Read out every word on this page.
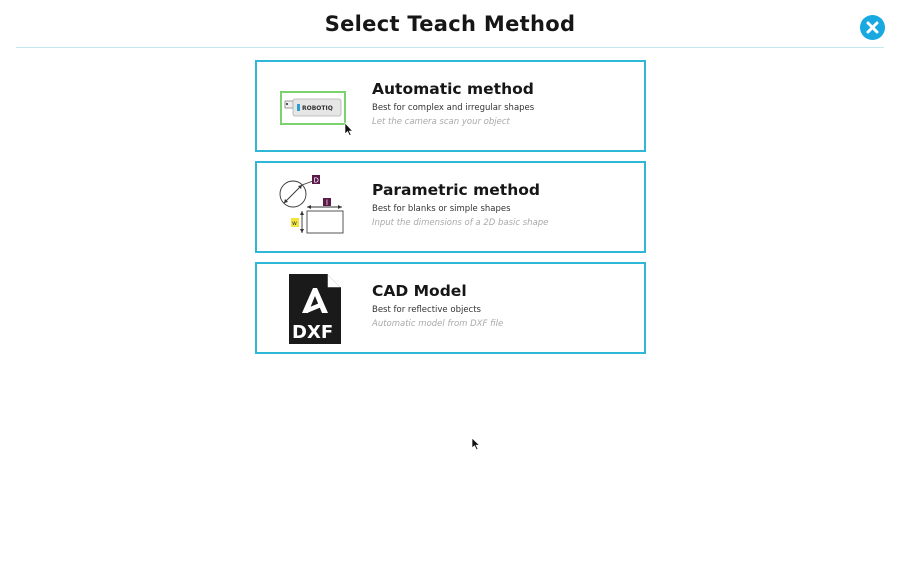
Select Teach Method
ROBOTIQ
Automatic method
Best for complex and irregular shapes
Let the camera scan your object
D
l
w
Parametric method
Best for blanks or simple shapes
Input the dimensions of a 2D basic shape
DXF
CAD Model
Best for reflective objects
Automatic model from DXF file
